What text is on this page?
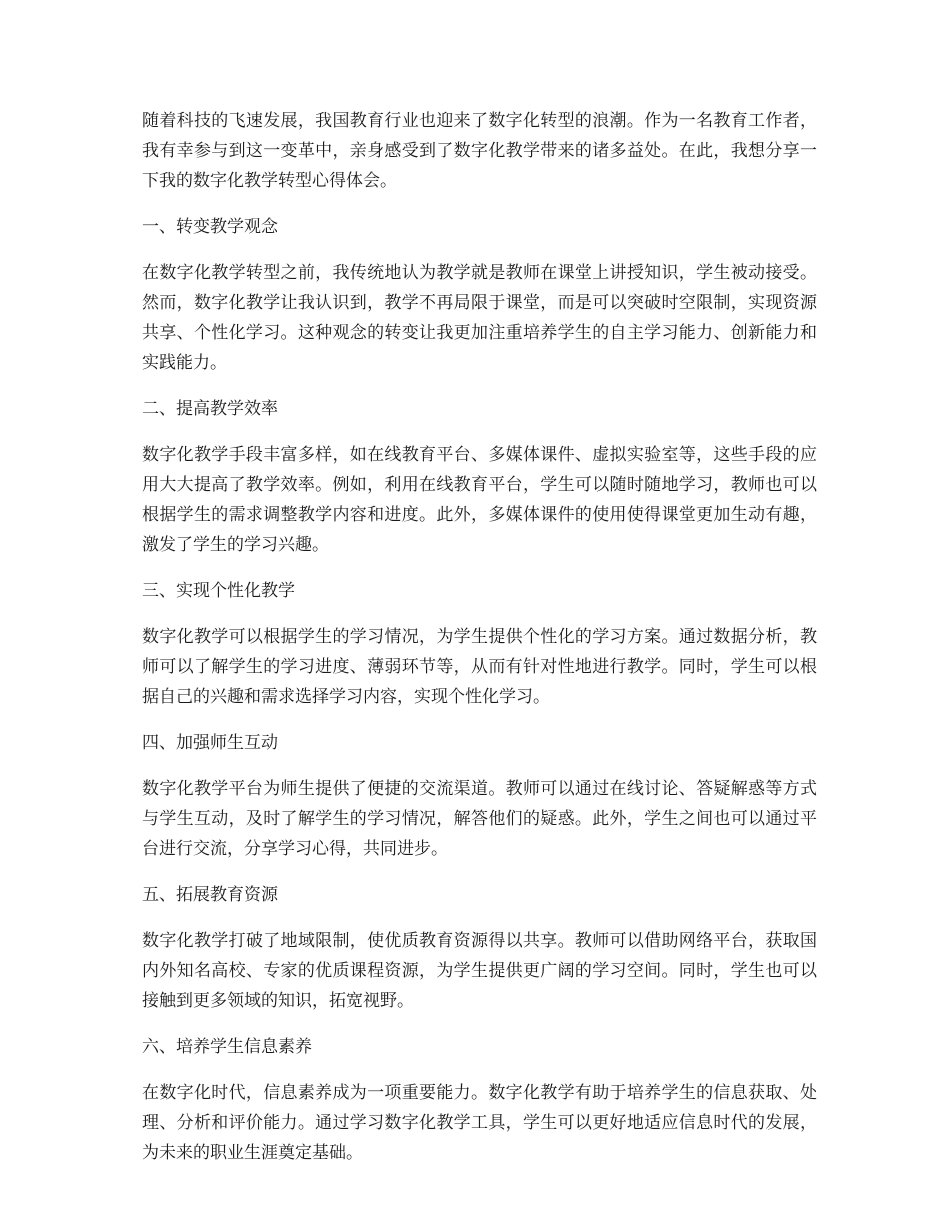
随着科技的飞速发展，我国教育行业也迎来了数字化转型的浪潮。作为一名教育工作者，我有幸参与到这一变革中，亲身感受到了数字化教学带来的诸多益处。在此，我想分享一下我的数字化教学转型心得体会。

一、转变教学观念

在数字化教学转型之前，我传统地认为教学就是教师在课堂上讲授知识，学生被动接受。然而，数字化教学让我认识到，教学不再局限于课堂，而是可以突破时空限制，实现资源共享、个性化学习。这种观念的转变让我更加注重培养学生的自主学习能力、创新能力和实践能力。

二、提高教学效率

数字化教学手段丰富多样，如在线教育平台、多媒体课件、虚拟实验室等，这些手段的应用大大提高了教学效率。例如，利用在线教育平台，学生可以随时随地学习，教师也可以根据学生的需求调整教学内容和进度。此外，多媒体课件的使用使得课堂更加生动有趣，激发了学生的学习兴趣。

三、实现个性化教学

数字化教学可以根据学生的学习情况，为学生提供个性化的学习方案。通过数据分析，教师可以了解学生的学习进度、薄弱环节等，从而有针对性地进行教学。同时，学生可以根据自己的兴趣和需求选择学习内容，实现个性化学习。

四、加强师生互动

数字化教学平台为师生提供了便捷的交流渠道。教师可以通过在线讨论、答疑解惑等方式与学生互动，及时了解学生的学习情况，解答他们的疑惑。此外，学生之间也可以通过平台进行交流，分享学习心得，共同进步。

五、拓展教育资源

数字化教学打破了地域限制，使优质教育资源得以共享。教师可以借助网络平台，获取国内外知名高校、专家的优质课程资源，为学生提供更广阔的学习空间。同时，学生也可以接触到更多领域的知识，拓宽视野。

六、培养学生信息素养

在数字化时代，信息素养成为一项重要能力。数字化教学有助于培养学生的信息获取、处理、分析和评价能力。通过学习数字化教学工具，学生可以更好地适应信息时代的发展，为未来的职业生涯奠定基础。
